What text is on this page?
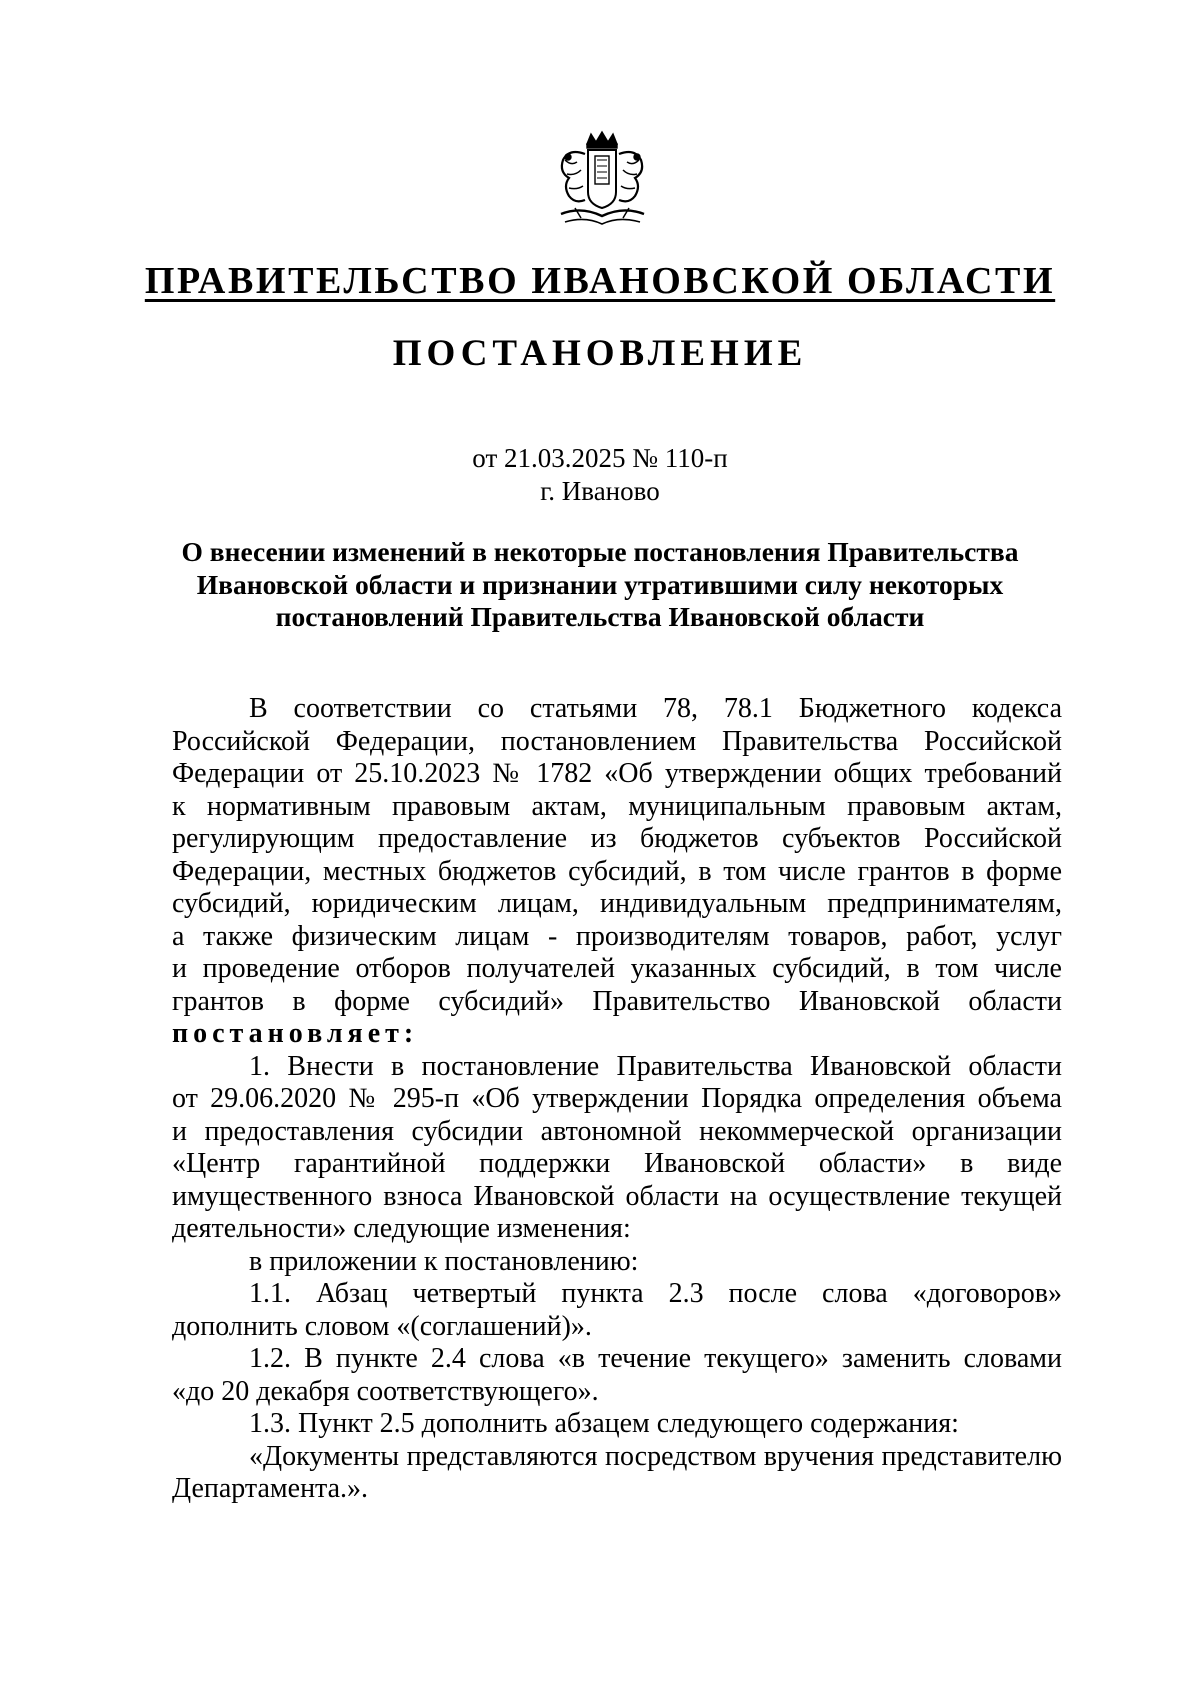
ПРАВИТЕЛЬСТВО ИВАНОВСКОЙ ОБЛАСТИ
ПОСТАНОВЛЕНИЕ
от 21.03.2025 № 110-п
г. Иваново
О внесении изменений в некоторые постановления Правительства
Ивановской области и признании утратившими силу некоторых
постановлений Правительства Ивановской области
В соответствии со статьями 78, 78.1 Бюджетного кодекса
Российской Федерации, постановлением Правительства Российской
Федерации от 25.10.2023 № 1782 «Об утверждении общих требований
к нормативным правовым актам, муниципальным правовым актам,
регулирующим предоставление из бюджетов субъектов Российской
Федерации, местных бюджетов субсидий, в том числе грантов в форме
субсидий, юридическим лицам, индивидуальным предпринимателям,
а также физическим лицам - производителям товаров, работ, услуг
и проведение отборов получателей указанных субсидий, в том числе
грантов в форме субсидий» Правительство Ивановской области
постановляет:
1. Внести в постановление Правительства Ивановской области
от 29.06.2020 № 295-п «Об утверждении Порядка определения объема
и предоставления субсидии автономной некоммерческой организации
«Центр гарантийной поддержки Ивановской области» в виде
имущественного взноса Ивановской области на осуществление текущей
деятельности» следующие изменения:
в приложении к постановлению:
1.1. Абзац четвертый пункта 2.3 после слова «договоров»
дополнить словом «(соглашений)».
1.2. В пункте 2.4 слова «в течение текущего» заменить словами
«до 20 декабря соответствующего».
1.3. Пункт 2.5 дополнить абзацем следующего содержания:
«Документы представляются посредством вручения представителю
Департамента.».
